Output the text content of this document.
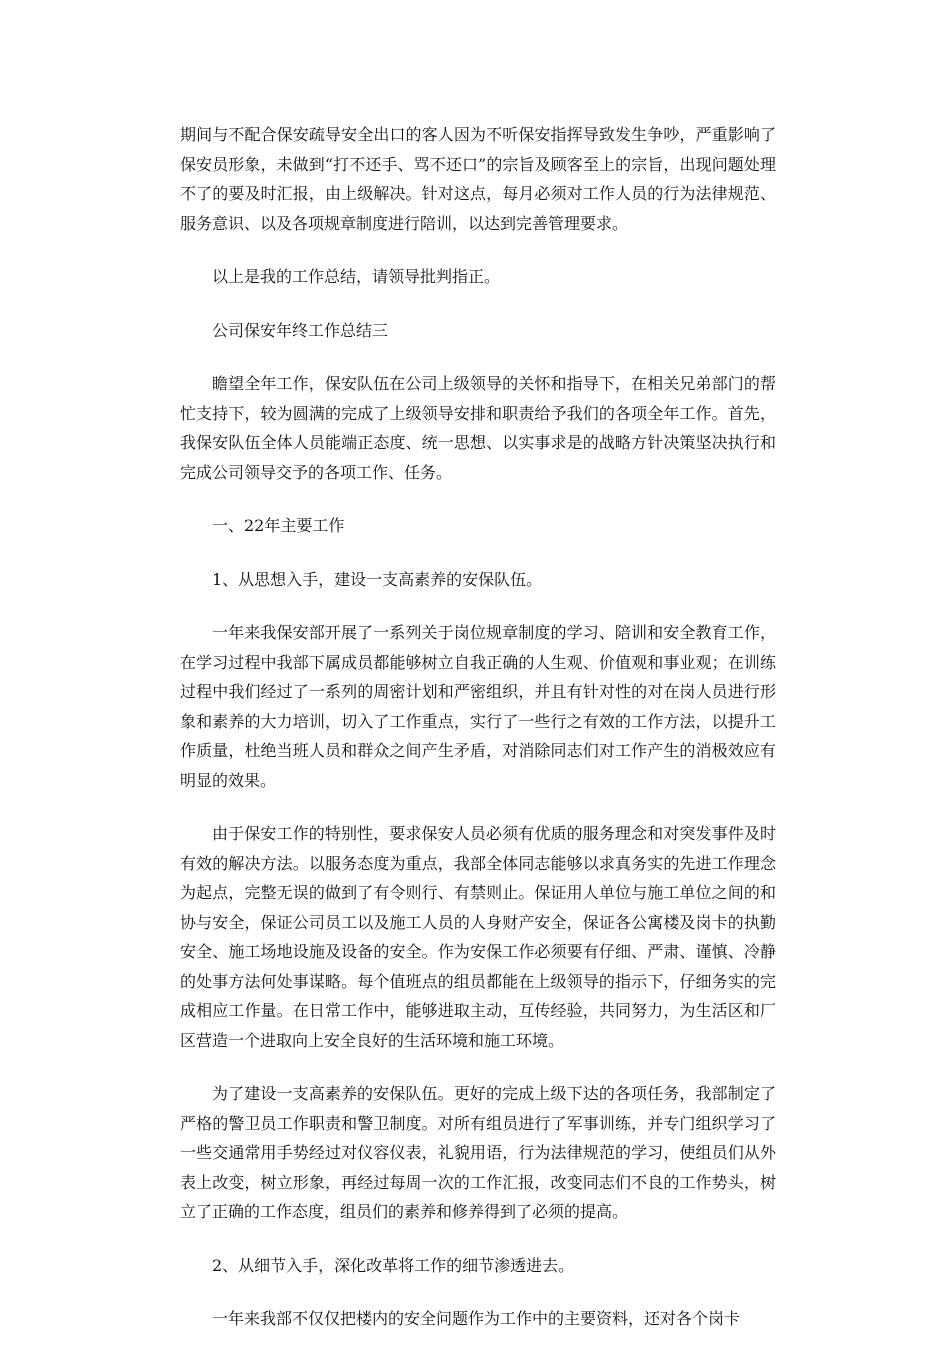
期间与不配合保安疏导安全出口的客人因为不听保安指挥导致发生争吵，严重影响了保安员形象，未做到“打不还手、骂不还口”的宗旨及顾客至上的宗旨，出现问题处理不了的要及时汇报，由上级解决。针对这点，每月必须对工作人员的行为法律规范、服务意识、以及各项规章制度进行陪训，以达到完善管理要求。

以上是我的工作总结，请领导批判指正。

公司保安年终工作总结三

瞻望全年工作，保安队伍在公司上级领导的关怀和指导下，在相关兄弟部门的帮忙支持下，较为圆满的完成了上级领导安排和职责给予我们的各项全年工作。首先，我保安队伍全体人员能端正态度、统一思想、以实事求是的战略方针决策坚决执行和完成公司领导交予的各项工作、任务。

一、22年主要工作

1、从思想入手，建设一支高素养的安保队伍。

一年来我保安部开展了一系列关于岗位规章制度的学习、陪训和安全教育工作，在学习过程中我部下属成员都能够树立自我正确的人生观、价值观和事业观；在训练过程中我们经过了一系列的周密计划和严密组织，并且有针对性的对在岗人员进行形象和素养的大力培训，切入了工作重点，实行了一些行之有效的工作方法，以提升工作质量，杜绝当班人员和群众之间产生矛盾，对消除同志们对工作产生的消极效应有明显的效果。

由于保安工作的特别性，要求保安人员必须有优质的服务理念和对突发事件及时有效的解决方法。以服务态度为重点，我部全体同志能够以求真务实的先进工作理念为起点，完整无误的做到了有令则行、有禁则止。保证用人单位与施工单位之间的和协与安全，保证公司员工以及施工人员的人身财产安全，保证各公寓楼及岗卡的执勤安全、施工场地设施及设备的安全。作为安保工作必须要有仔细、严肃、谨慎、冷静的处事方法何处事谋略。每个值班点的组员都能在上级领导的指示下，仔细务实的完成相应工作量。在日常工作中，能够进取主动，互传经验，共同努力，为生活区和厂区营造一个进取向上安全良好的生活环境和施工环境。

为了建设一支高素养的安保队伍。更好的完成上级下达的各项任务，我部制定了严格的警卫员工作职责和警卫制度。对所有组员进行了军事训练，并专门组织学习了一些交通常用手势经过对仪容仪表，礼貌用语，行为法律规范的学习，使组员们从外表上改变，树立形象，再经过每周一次的工作汇报，改变同志们不良的工作势头，树立了正确的工作态度，组员们的素养和修养得到了必须的提高。

2、从细节入手，深化改革将工作的细节渗透进去。

一年来我部不仅仅把楼内的安全问题作为工作中的主要资料，还对各个岗卡
